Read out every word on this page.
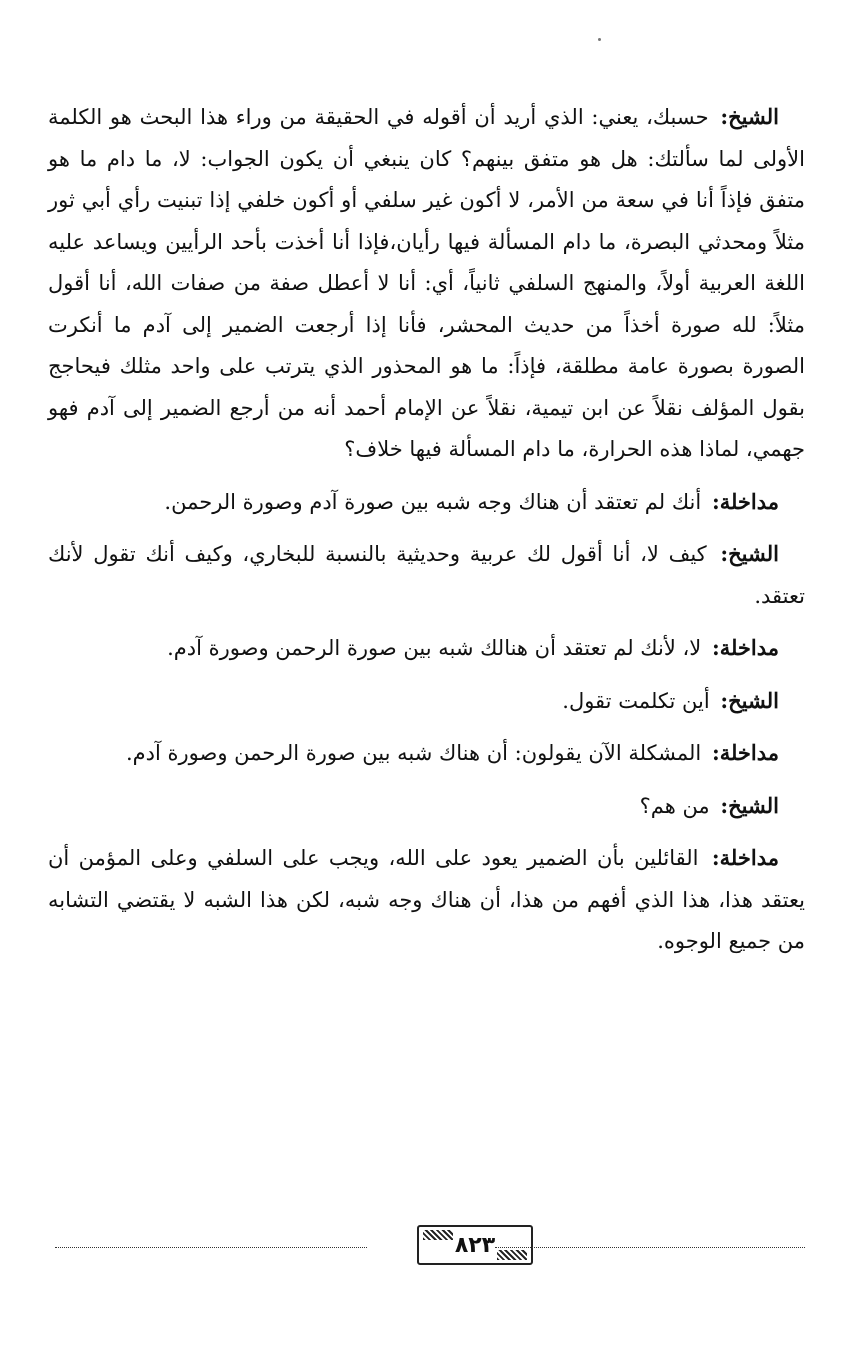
الشيخ: حسبك، يعني: الذي أريد أن أقوله في الحقيقة من وراء هذا البحث هو الكلمة الأولى لما سألتك: هل هو متفق بينهم؟ كان ينبغي أن يكون الجواب: لا، ما دام ما هو متفق فإذاً أنا في سعة من الأمر، لا أكون غير سلفي أو أكون خلفي إذا تبنيت رأي أبي ثور مثلاً ومحدثي البصرة، ما دام المسألة فيها رأيان،فإذا أنا أخذت بأحد الرأيين ويساعد عليه اللغة العربية أولاً، والمنهج السلفي ثانياً، أي: أنا لا أعطل صفة من صفات الله، أنا أقول مثلاً: لله صورة أخذاً من حديث المحشر، فأنا إذا أرجعت الضمير إلى آدم ما أنكرت الصورة بصورة عامة مطلقة، فإذاً: ما هو المحذور الذي يترتب على واحد مثلك فيحاجج بقول المؤلف نقلاً عن ابن تيمية، نقلاً عن الإمام أحمد أنه من أرجع الضمير إلى آدم فهو جهمي، لماذا هذه الحرارة، ما دام المسألة فيها خلاف؟

مداخلة: أنك لم تعتقد أن هناك وجه شبه بين صورة آدم وصورة الرحمن.

الشيخ: كيف لا، أنا أقول لك عربية وحديثية بالنسبة للبخاري، وكيف أنك تقول لأنك تعتقد.

مداخلة: لا، لأنك لم تعتقد أن هنالك شبه بين صورة الرحمن وصورة آدم.

الشيخ: أين تكلمت تقول.

مداخلة: المشكلة الآن يقولون: أن هناك شبه بين صورة الرحمن وصورة آدم.

الشيخ: من هم؟

مداخلة: القائلين بأن الضمير يعود على الله، ويجب على السلفي وعلى المؤمن أن يعتقد هذا، هذا الذي أفهم من هذا، أن هناك وجه شبه، لكن هذا الشبه لا يقتضي التشابه من جميع الوجوه.

٨٢٣
